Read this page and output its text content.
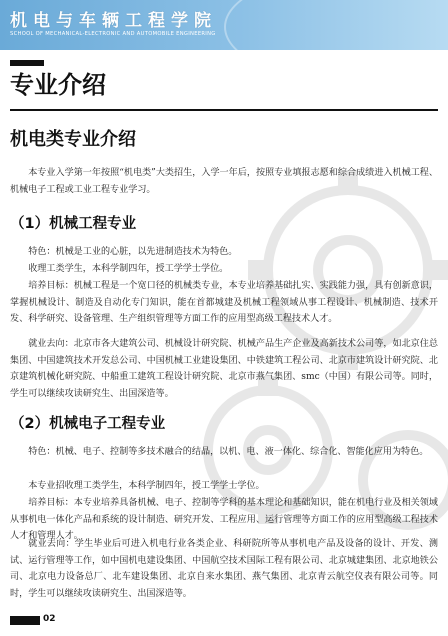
机电与车辆工程学院
SCHOOL OF MECHANICAL-ELECTRONIC AND AUTOMOBILE ENGINEERING
专业介绍
机电类专业介绍

本专业入学第一年按照“机电类”大类招生，入学一年后，按照专业填报志愿和综合成绩进入机械工程、机械电子工程或工业工程专业学习。

（1）机械工程专业

特色：机械是工业的心脏，以先进制造技术为特色。

收理工类学生，本科学制四年，授工学学士学位。

培养目标：机械工程是一个宽口径的机械类专业，本专业培养基础扎实、实践能力强，具有创新意识，掌握机械设计、制造及自动化专门知识，能在首都城建及机械工程领域从事工程设计、机械制造、技术开发、科学研究、设备管理、生产组织管理等方面工作的应用型高级工程技术人才。

就业去向：北京市各大建筑公司、机械设计研究院、机械产品生产企业及高新技术公司等，如北京住总集团、中国建筑技术开发总公司、中国机械工业建设集团、中铁建筑工程公司、北京市建筑设计研究院、北京建筑机械化研究院、中船重工建筑工程设计研究院、北京市燕气集团、smc（中国）有限公司等。同时，学生可以继续攻读研究生、出国深造等。

（2）机械电子工程专业

特色：机械、电子、控制等多技术融合的结晶，以机、电、液一体化、综合化、智能化应用为特色。

本专业招收理工类学生，本科学制四年，授工学学士学位。

培养目标：本专业培养具备机械、电子、控制等学科的基本理论和基础知识，能在机电行业及相关领域从事机电一体化产品和系统的设计制造、研究开发、工程应用、运行管理等方面工作的应用型高级工程技术人才和管理人才。

就业去向：学生毕业后可进入机电行业各类企业、科研院所等从事机电产品及设备的设计、开发、测试、运行管理等工作，如中国机电建设集团、中国航空技术国际工程有限公司、北京城建集团、北京地铁公司、北京电力设备总厂、北车建设集团、北京自来水集团、燕气集团、北京青云航空仪表有限公司等。同时，学生可以继续攻读研究生、出国深造等。

02
